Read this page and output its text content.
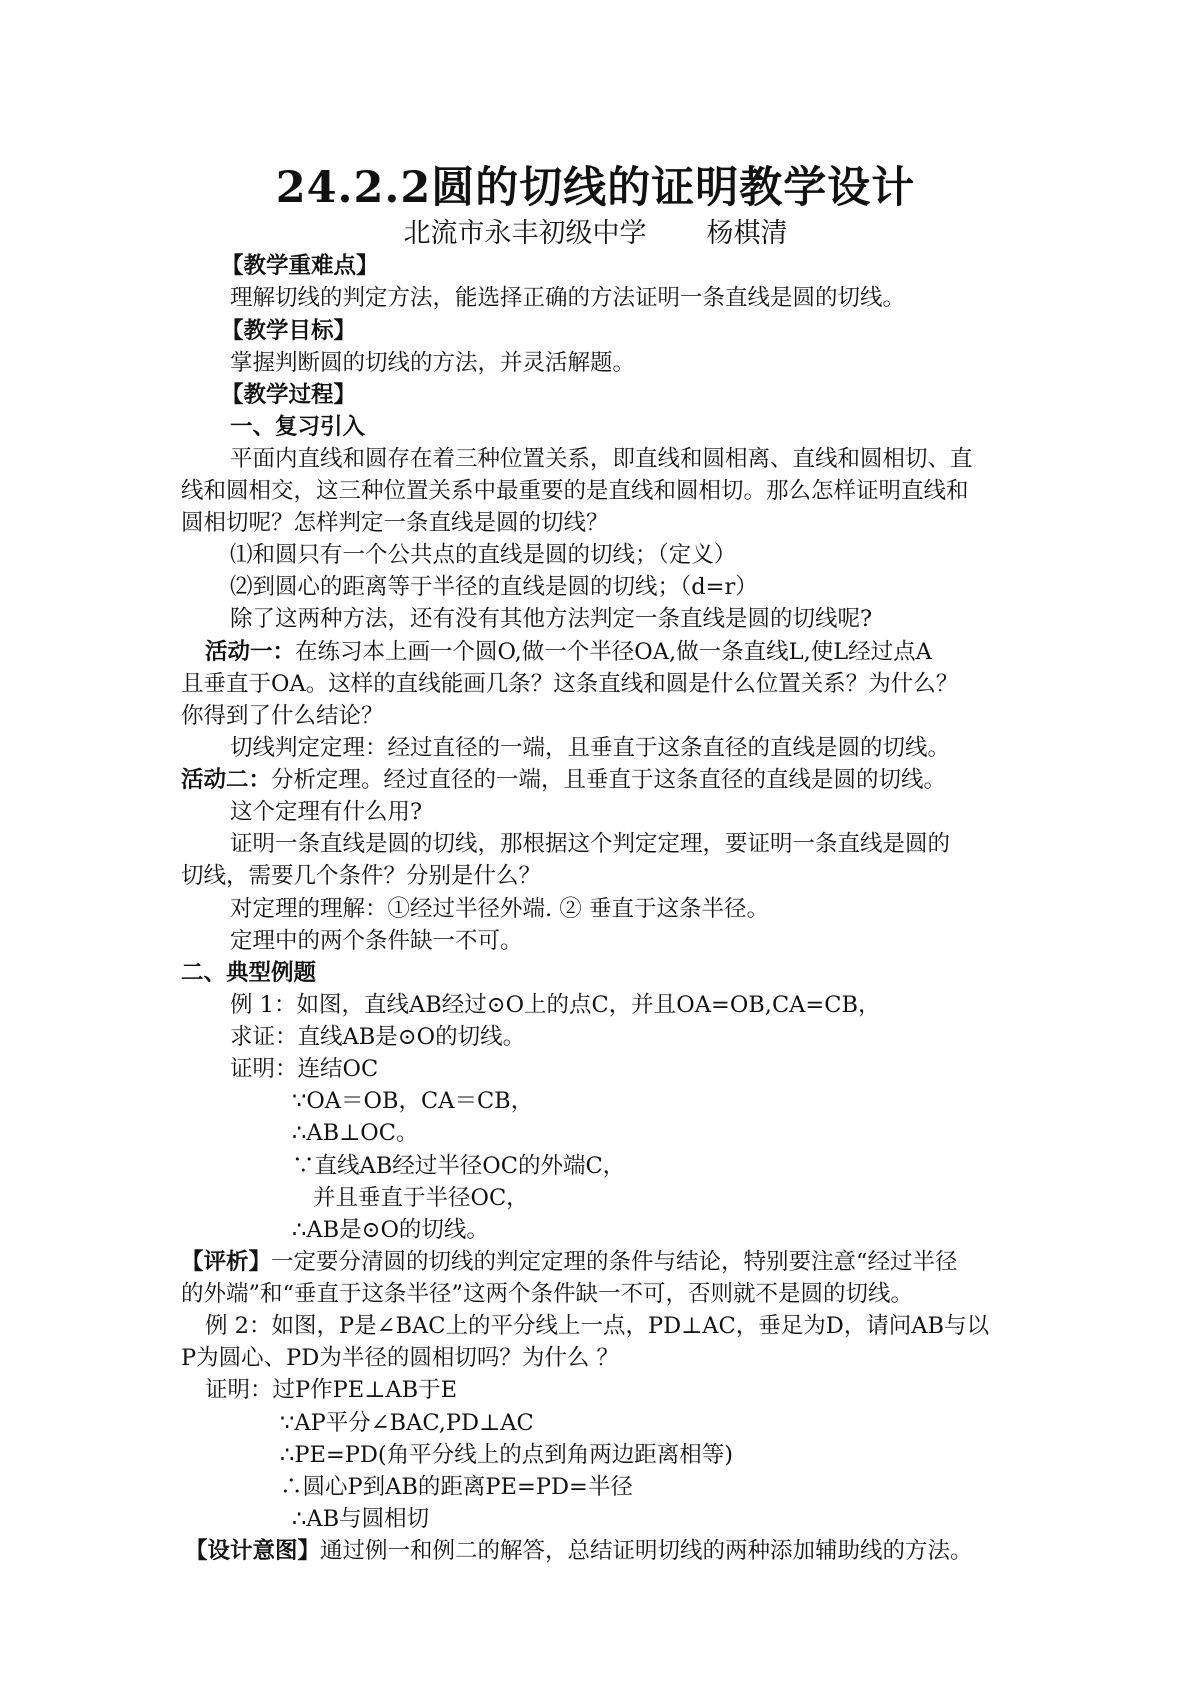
24.2.2圆的切线的证明教学设计
北流市永丰初级中学 杨棋清
【教学重难点】
理解切线的判定方法，能选择正确的方法证明一条直线是圆的切线。
【教学目标】
掌握判断圆的切线的方法，并灵活解题。
【教学过程】
一、复习引入
平面内直线和圆存在着三种位置关系，即直线和圆相离、直线和圆相切、直
线和圆相交，这三种位置关系中最重要的是直线和圆相切。那么怎样证明直线和
圆相切呢？怎样判定一条直线是圆的切线？
⑴和圆只有一个公共点的直线是圆的切线；（定义）
⑵到圆心的距离等于半径的直线是圆的切线；（d=r）
除了这两种方法，还有没有其他方法判定一条直线是圆的切线呢?
活动一：在练习本上画一个圆O,做一个半径OA,做一条直线L,使L经过点A
且垂直于OA。这样的直线能画几条？这条直线和圆是什么位置关系？为什么？
你得到了什么结论？
切线判定定理：经过直径的一端，且垂直于这条直径的直线是圆的切线。
活动二：分析定理。经过直径的一端，且垂直于这条直径的直线是圆的切线。
这个定理有什么用?
证明一条直线是圆的切线，那根据这个判定定理，要证明一条直线是圆的
切线，需要几个条件？分别是什么？
对定理的理解：①经过半径外端. ② 垂直于这条半径。
定理中的两个条件缺一不可。
二、典型例题
例 1：如图，直线AB经过⊙O上的点C，并且OA=OB,CA=CB，
求证：直线AB是⊙O的切线。
证明：连结OC
∵OA＝OB，CA＝CB，
∴AB⊥OC。
∵直线AB经过半径OC的外端C，
并且垂直于半径OC，
∴AB是⊙O的切线。
【评析】一定要分清圆的切线的判定定理的条件与结论，特别要注意“经过半径
的外端”和“垂直于这条半径”这两个条件缺一不可，否则就不是圆的切线。
例 2：如图，P是∠BAC上的平分线上一点，PD⊥AC，垂足为D，请问AB与以
P为圆心、PD为半径的圆相切吗？为什么 ？
证明：过P作PE⊥AB于E
∵AP平分∠BAC,PD⊥AC
∴PE=PD(角平分线上的点到角两边距离相等)
∴圆心P到AB的距离PE=PD=半径
∴AB与圆相切
【设计意图】通过例一和例二的解答，总结证明切线的两种添加辅助线的方法。
